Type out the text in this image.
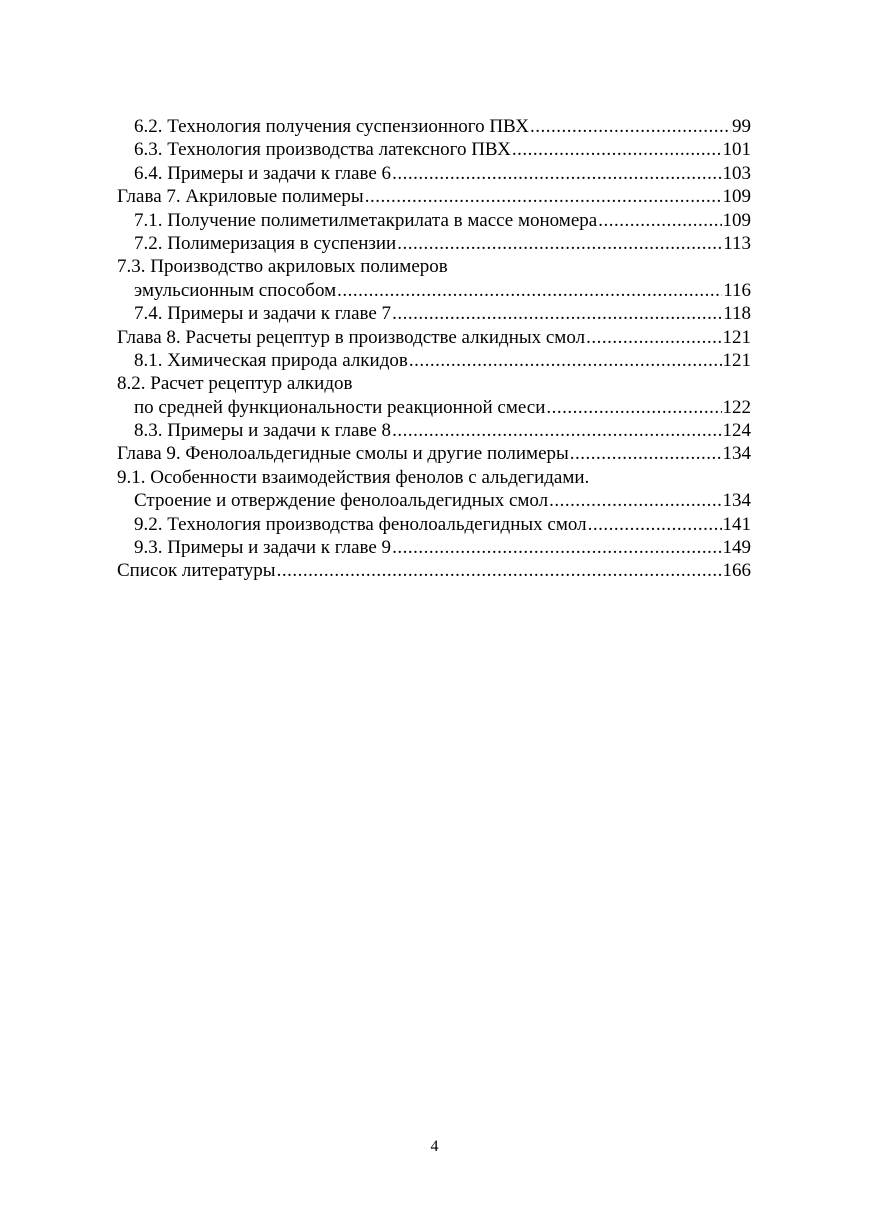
6.2. Технология получения суспензионного ПВХ .....	99
6.3. Технология производства латексного ПВХ .....	101
6.4. Примеры и задачи к главе 6 .....	103
Глава 7. Акриловые полимеры .....	109
7.1. Получение полиметилметакрилата в массе мономера .....	109
7.2. Полимеризация в суспензии .....	113
7.3. Производство акриловых полимеров
эмульсионным способом .....	116
7.4. Примеры и задачи к главе 7 .....	118
Глава 8. Расчеты рецептур в производстве алкидных смол .....	121
8.1. Химическая природа алкидов .....	121
8.2. Расчет рецептур алкидов
по средней функциональности реакционной смеси .....	122
8.3. Примеры и задачи к главе 8 .....	124
Глава 9. Фенолоальдегидные смолы и другие полимеры .....	134
9.1. Особенности взаимодействия фенолов с альдегидами.
Строение и отверждение фенолоальдегидных смол .....	134
9.2. Технология производства фенолоальдегидных смол .....	141
9.3. Примеры и задачи к главе 9 .....	149
Список литературы .....	166
4
